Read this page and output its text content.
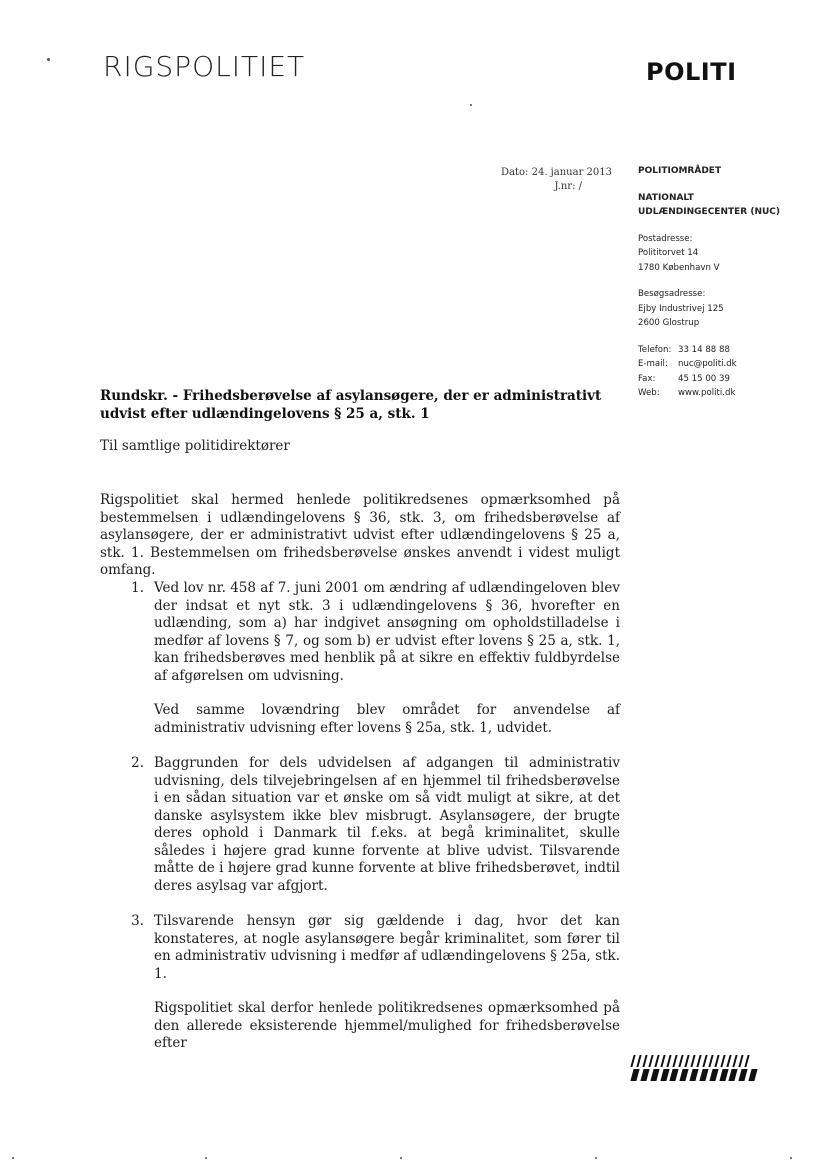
RIGSPOLITIET	POLITI
Dato: 24. januar 2013
J.nr: /
POLITIOMRÅDET
NATIONALT
UDLÆNDINGECENTER (NUC)
Postadresse:
Polititorvet 14
1780 København V
Besøgsadresse:
Ejby Industrivej 125
2600 Glostrup
Telefon: 33 14 88 88
E-mail:	nuc@politi.dk
Fax:	45 15 00 39
Web:	www.politi.dk
Rundskr. - Frihedsberøvelse af asylansøgere, der er administrativt udvist efter udlændingelovens § 25 a, stk. 1
Til samtlige politidirektører
Rigspolitiet skal hermed henlede politikredsenes opmærksomhed på bestemmelsen i udlændingelovens § 36, stk. 3, om frihedsberøvelse af asylansøgere, der er administrativt udvist efter udlændingelovens § 25 a, stk. 1. Bestemmelsen om frihedsberøvelse ønskes anvendt i videst muligt omfang.
1. Ved lov nr. 458 af 7. juni 2001 om ændring af udlændingeloven blev der indsat et nyt stk. 3 i udlændingelovens § 36, hvorefter en udlænding, som a) har indgivet ansøgning om opholdstilladelse i medfør af lovens § 7, og som b) er udvist efter lovens § 25 a, stk. 1, kan frihedsberøves med henblik på at sikre en effektiv fuldbyrdelse af afgørelsen om udvisning.

Ved samme lovændring blev området for anvendelse af administrativ udvisning efter lovens § 25a, stk. 1, udvidet.

2. Baggrunden for dels udvidelsen af adgangen til administrativ udvisning, dels tilvejebringelsen af en hjemmel til frihedsberøvelse i en sådan situation var et ønske om så vidt muligt at sikre, at det danske asylsystem ikke blev misbrugt. Asylansøgere, der brugte deres ophold i Danmark til f.eks. at begå kriminalitet, skulle således i højere grad kunne forvente at blive udvist. Tilsvarende måtte de i højere grad kunne forvente at blive frihedsberøvet, indtil deres asylsag var afgjort.

3. Tilsvarende hensyn gør sig gældende i dag, hvor det kan konstateres, at nogle asylansøgere begår kriminalitet, som fører til en administrativ udvisning i medfør af udlændingelovens § 25a, stk. 1.

Rigspolitiet skal derfor henlede politikredsenes opmærksomhed på den allerede eksisterende hjemmel/mulighed for frihedsberøvelse efter
